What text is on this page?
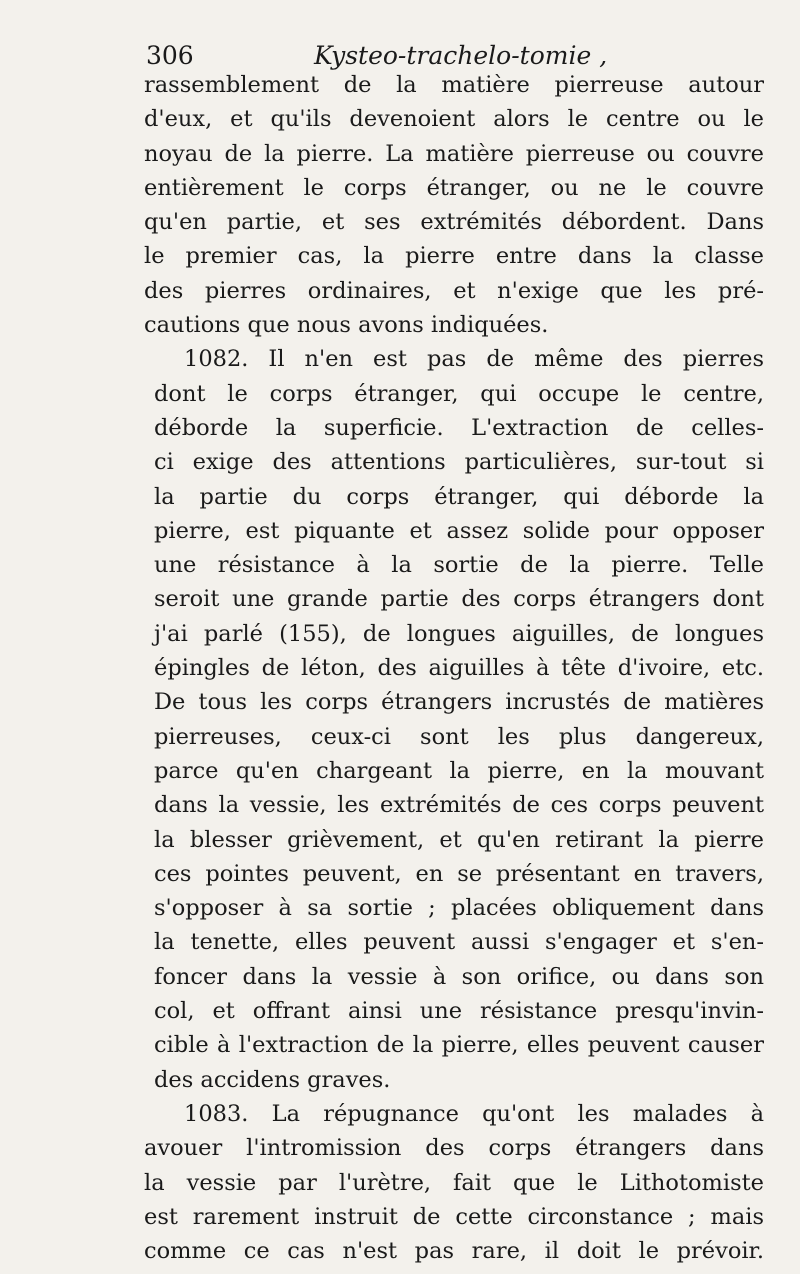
306	Kysteo-trachelo-tomie ,
rassemblement de la matière pierreuse autour
d'eux, et qu'ils devenoient alors le centre ou le
noyau de la pierre. La matière pierreuse ou couvre
entièrement le corps étranger, ou ne le couvre
qu'en partie, et ses extrémités débordent. Dans
le premier cas, la pierre entre dans la classe
des pierres ordinaires, et n'exige que les pré-
cautions que nous avons indiquées.
1082. Il n'en est pas de même des pierres
dont le corps étranger, qui occupe le centre,
déborde la superficie. L'extraction de celles-
ci exige des attentions particulières, sur-tout si
la partie du corps étranger, qui déborde la
pierre, est piquante et assez solide pour opposer
une résistance à la sortie de la pierre. Telle
seroit une grande partie des corps étrangers dont
j'ai parlé (155), de longues aiguilles, de longues
épingles de léton, des aiguilles à tête d'ivoire, etc.
De tous les corps étrangers incrustés de matières
pierreuses, ceux-ci sont les plus dangereux,
parce qu'en chargeant la pierre, en la mouvant
dans la vessie, les extrémités de ces corps peuvent
la blesser grièvement, et qu'en retirant la pierre
ces pointes peuvent, en se présentant en travers,
s'opposer à sa sortie ; placées obliquement dans
la tenette, elles peuvent aussi s'engager et s'en-
foncer dans la vessie à son orifice, ou dans son
col, et offrant ainsi une résistance presqu'invin-
cible à l'extraction de la pierre, elles peuvent causer
des accidens graves.
1083. La répugnance qu'ont les malades à
avouer l'intromission des corps étrangers dans
la vessie par l'urètre, fait que le Lithotomiste
est rarement instruit de cette circonstance ; mais
comme ce cas n'est pas rare, il doit le prévoir.
